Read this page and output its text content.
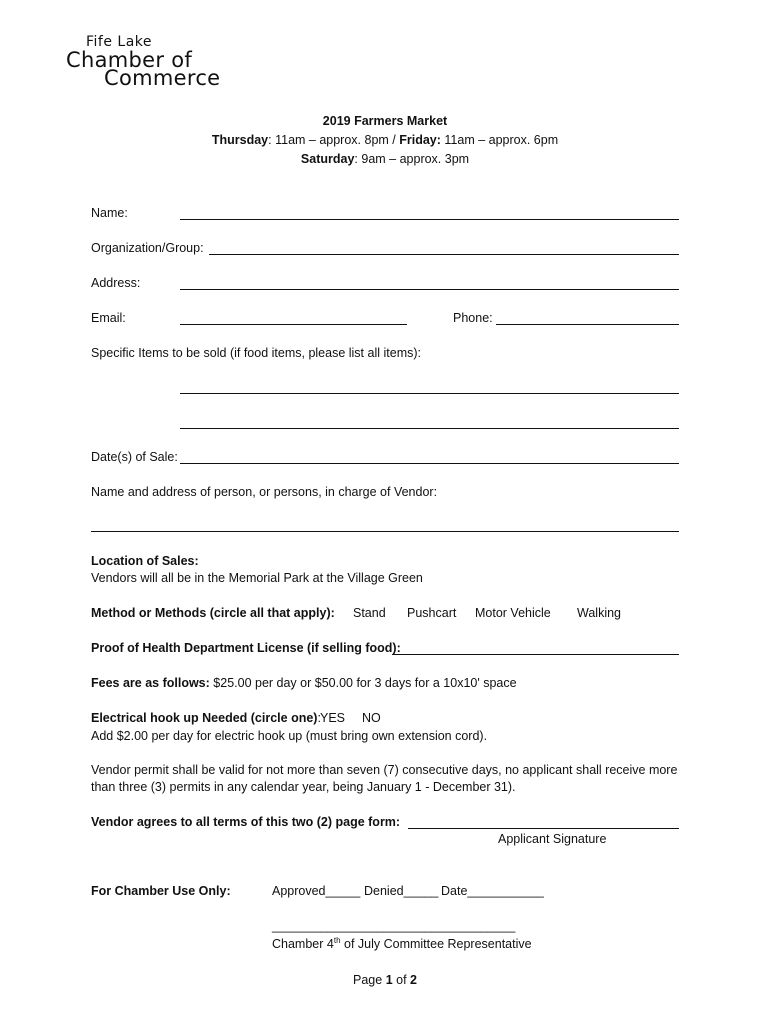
Fife Lake
Chamber of
Commerce
2019 Farmers Market
Thursday: 11am – approx. 8pm / Friday: 11am – approx. 6pm
Saturday: 9am – approx. 3pm
Name:
Organization/Group:
Address:
Email:	Phone:
Specific Items to be sold (if food items, please list all items):
Date(s) of Sale:
Name and address of person, or persons, in charge of Vendor:
Location of Sales:
Vendors will all be in the Memorial Park at the Village Green
Method or Methods (circle all that apply): Stand Pushcart Motor Vehicle Walking
Proof of Health Department License (if selling food):
Fees are as follows: $25.00 per day or $50.00 for 3 days for a 10x10' space
Electrical hook up Needed (circle one): YES NO
Add $2.00 per day for electric hook up (must bring own extension cord).
Vendor permit shall be valid for not more than seven (7) consecutive days, no applicant shall receive more
than three (3) permits in any calendar year, being January 1 - December 31).
Vendor agrees to all terms of this two (2) page form:
Applicant Signature
For Chamber Use Only:	Approved_____ Denied_____ Date___________
___________________________________
Chamber 4th of July Committee Representative
Page 1 of 2
